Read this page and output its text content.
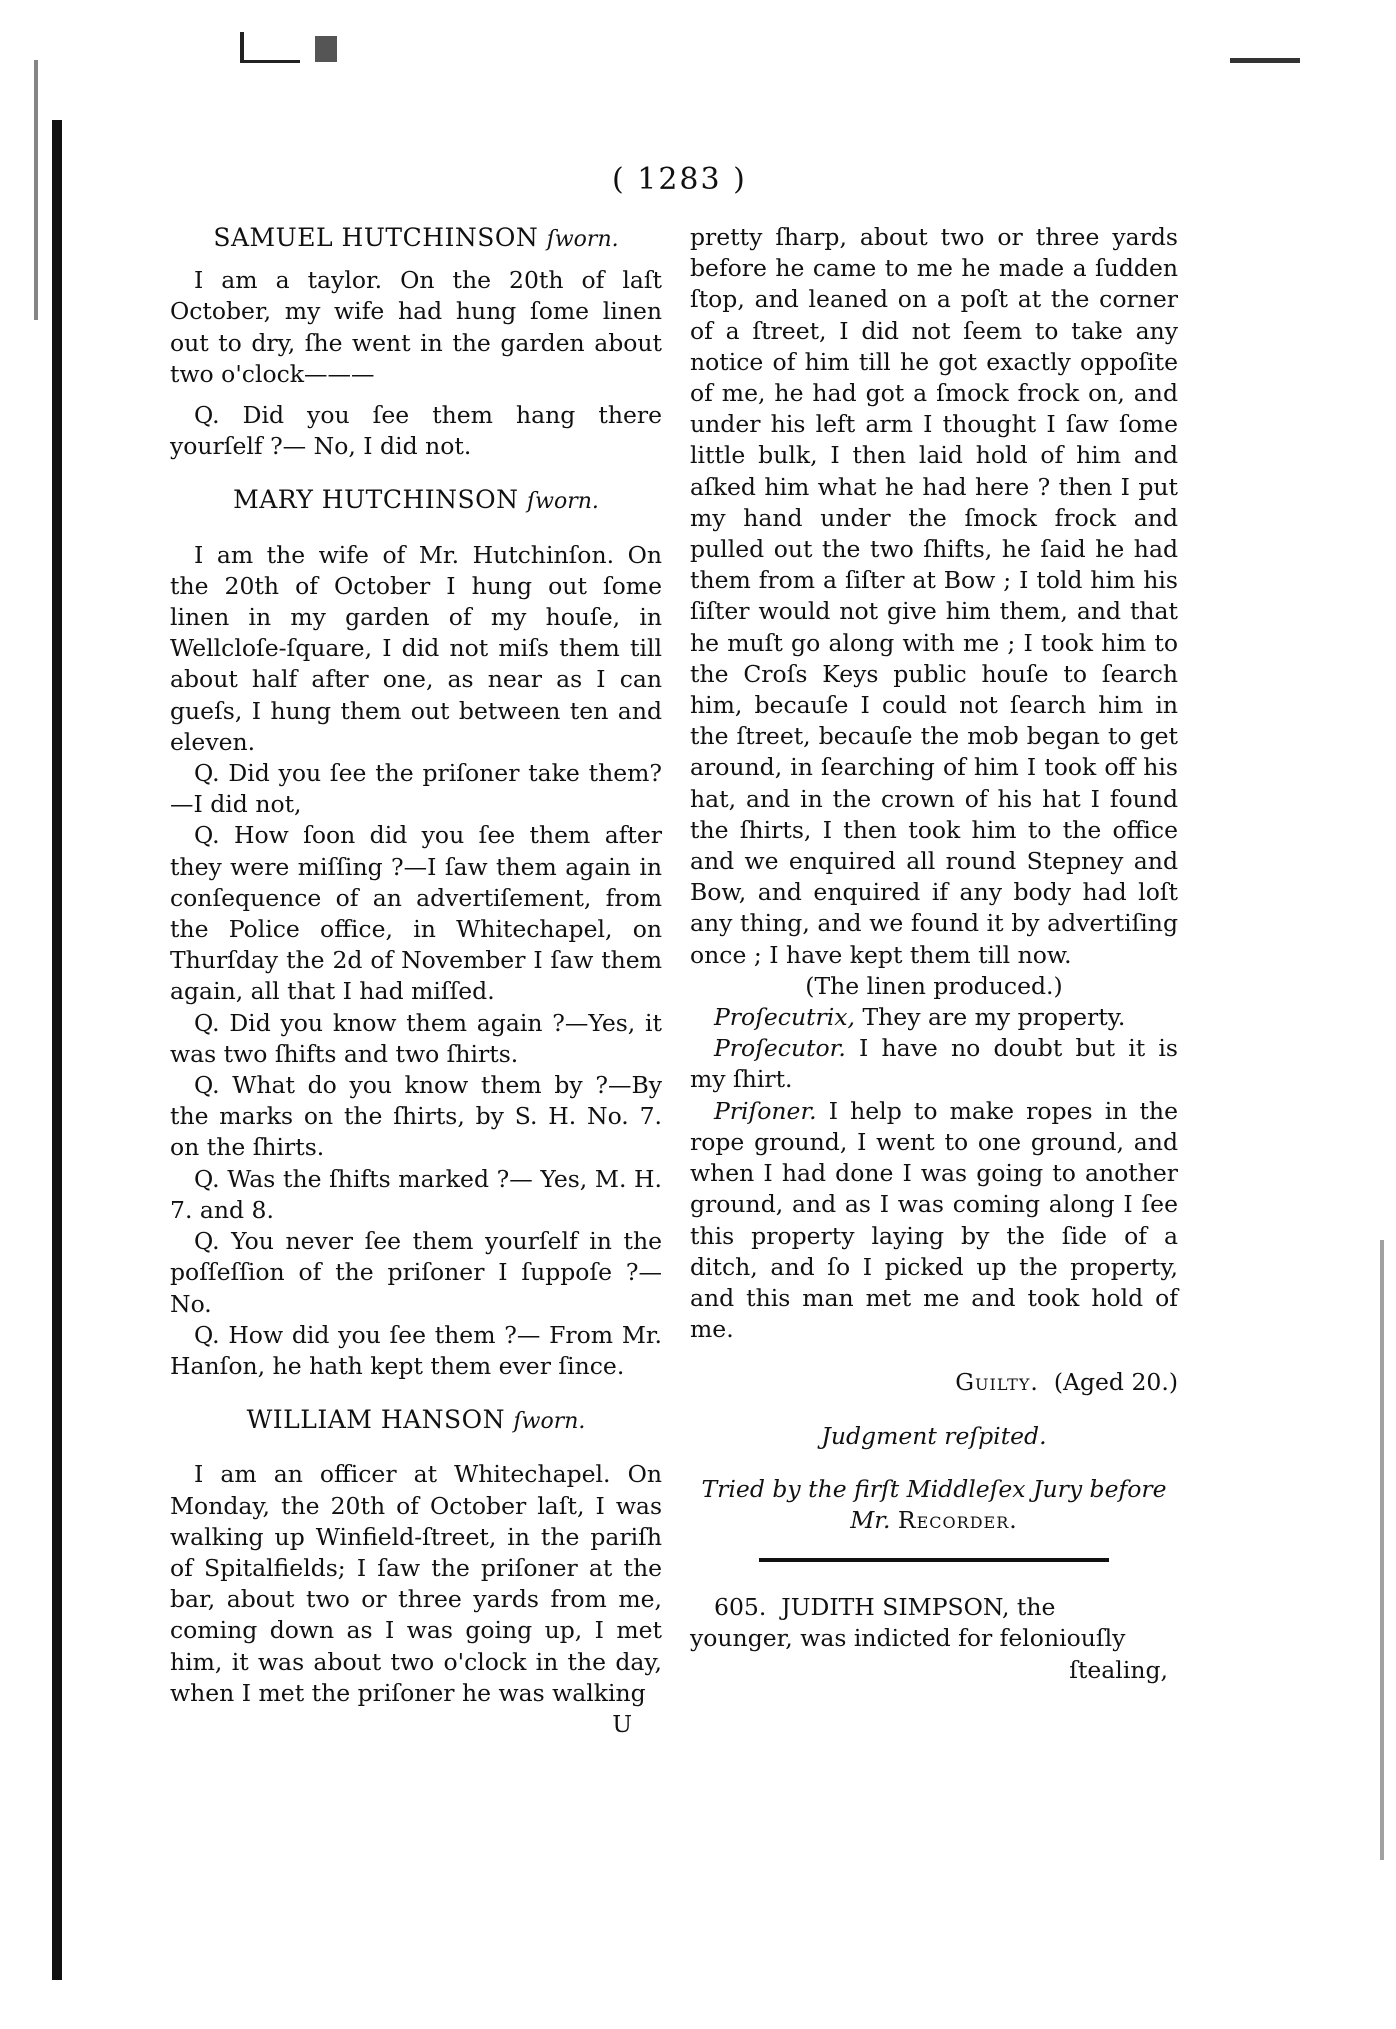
( 1283 )

SAMUEL HUTCHINSON ſworn.

I am a taylor. On the 20th of laſt October, my wife had hung ſome linen out to dry, ſhe went in the garden about two o'clock———

Q. Did you ſee them hang there yourſelf ?— No, I did not.

MARY HUTCHINSON ſworn.

I am the wife of Mr. Hutchinſon. On the 20th of October I hung out ſome linen in my garden of my houſe, in Wellcloſe-ſquare, I did not miſs them till about half after one, as near as I can gueſs, I hung them out between ten and eleven.

Q. Did you ſee the priſoner take them? —I did not,

Q. How ſoon did you ſee them after they were miſſing ?—I ſaw them again in conſequence of an advertiſement, from the Police office, in Whitechapel, on Thurſday the 2d of November I ſaw them again, all that I had miſſed.

Q. Did you know them again ?—Yes, it was two ſhifts and two ſhirts.

Q. What do you know them by ?—By the marks on the ſhirts, by S. H. No. 7. on the ſhirts.

Q. Was the ſhifts marked ?— Yes, M. H. 7. and 8.

Q. You never ſee them yourſelf in the poſſeſſion of the priſoner I ſuppoſe ?— No.

Q. How did you ſee them ?— From Mr. Hanſon, he hath kept them ever ſince.

WILLIAM HANSON ſworn.

I am an officer at Whitechapel. On Monday, the 20th of October laſt, I was walking up Winfield-ſtreet, in the pariſh of Spitalfields; I ſaw the priſoner at the bar, about two or three yards from me, coming down as I was going up, I met him, it was about two o'clock in the day, when I met the priſoner he was walking

U

pretty ſharp, about two or three yards before he came to me he made a ſudden ſtop, and leaned on a poſt at the corner of a ſtreet, I did not ſeem to take any notice of him till he got exactly oppoſite of me, he had got a ſmock frock on, and under his left arm I thought I ſaw ſome little bulk, I then laid hold of him and aſked him what he had here ? then I put my hand under the ſmock frock and pulled out the two ſhifts, he ſaid he had them from a ſiſter at Bow ; I told him his ſiſter would not give him them, and that he muſt go along with me ; I took him to the Croſs Keys public houſe to ſearch him, becauſe I could not ſearch him in the ſtreet, becauſe the mob began to get around, in ſearching of him I took off his hat, and in the crown of his hat I found the ſhirts, I then took him to the office and we enquired all round Stepney and Bow, and enquired if any body had loſt any thing, and we found it by advertiſing once ; I have kept them till now.

(The linen produced.)

Proſecutrix, They are my property.

Proſecutor. I have no doubt but it is my ſhirt.

Priſoner. I help to make ropes in the rope ground, I went to one ground, and when I had done I was going to another ground, and as I was coming along I ſee this property laying by the ſide of a ditch, and ſo I picked up the property, and this man met me and took hold of me.

Guilty. (Aged 20.)

Judgment reſpited.

Tried by the firſt Middleſex Jury before

Mr. Recorder.

605. JUDITH SIMPSON, the

younger, was indicted for feloniouſly

ſtealing,
